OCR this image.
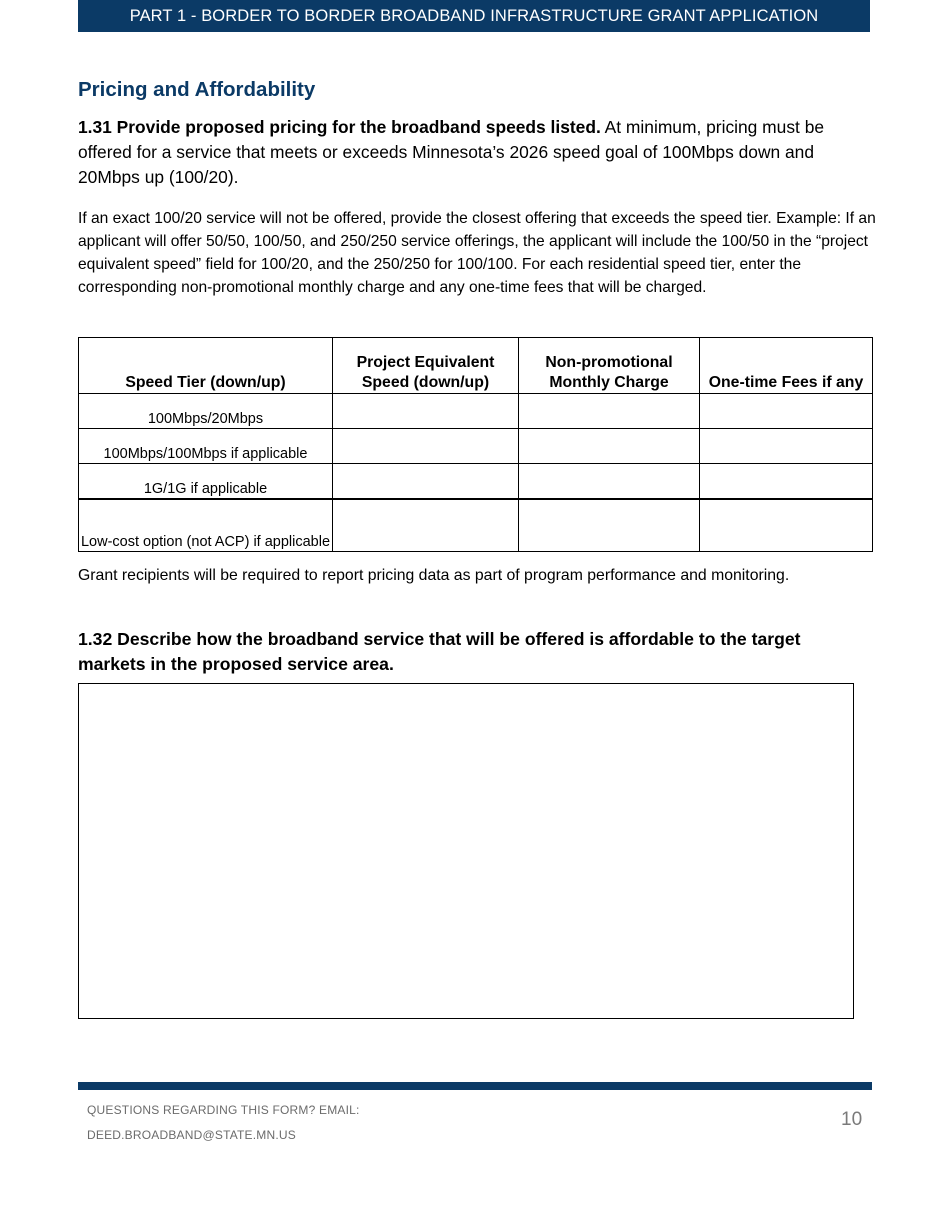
PART 1 - BORDER TO BORDER BROADBAND INFRASTRUCTURE GRANT APPLICATION
Pricing and Affordability
1.31 Provide proposed pricing for the broadband speeds listed. At minimum, pricing must be offered for a service that meets or exceeds Minnesota’s 2026 speed goal of 100Mbps down and 20Mbps up (100/20).
If an exact 100/20 service will not be offered, provide the closest offering that exceeds the speed tier. Example: If an applicant will offer 50/50, 100/50, and 250/250 service offerings, the applicant will include the 100/50 in the “project equivalent speed” field for 100/20, and the 250/250 for 100/100. For each residential speed tier, enter the corresponding non-promotional monthly charge and any one-time fees that will be charged.
Speed Tier (down/up)	Project Equivalent Speed (down/up)	Non-promotional Monthly Charge	One-time Fees if any
100Mbps/20Mbps			
100Mbps/100Mbps if applicable			
1G/1G if applicable			
Low-cost option (not ACP) if applicable			
Grant recipients will be required to report pricing data as part of program performance and monitoring.
1.32 Describe how the broadband service that will be offered is affordable to the target markets in the proposed service area.
QUESTIONS REGARDING THIS FORM? EMAIL:
DEED.BROADBAND@STATE.MN.US
10
